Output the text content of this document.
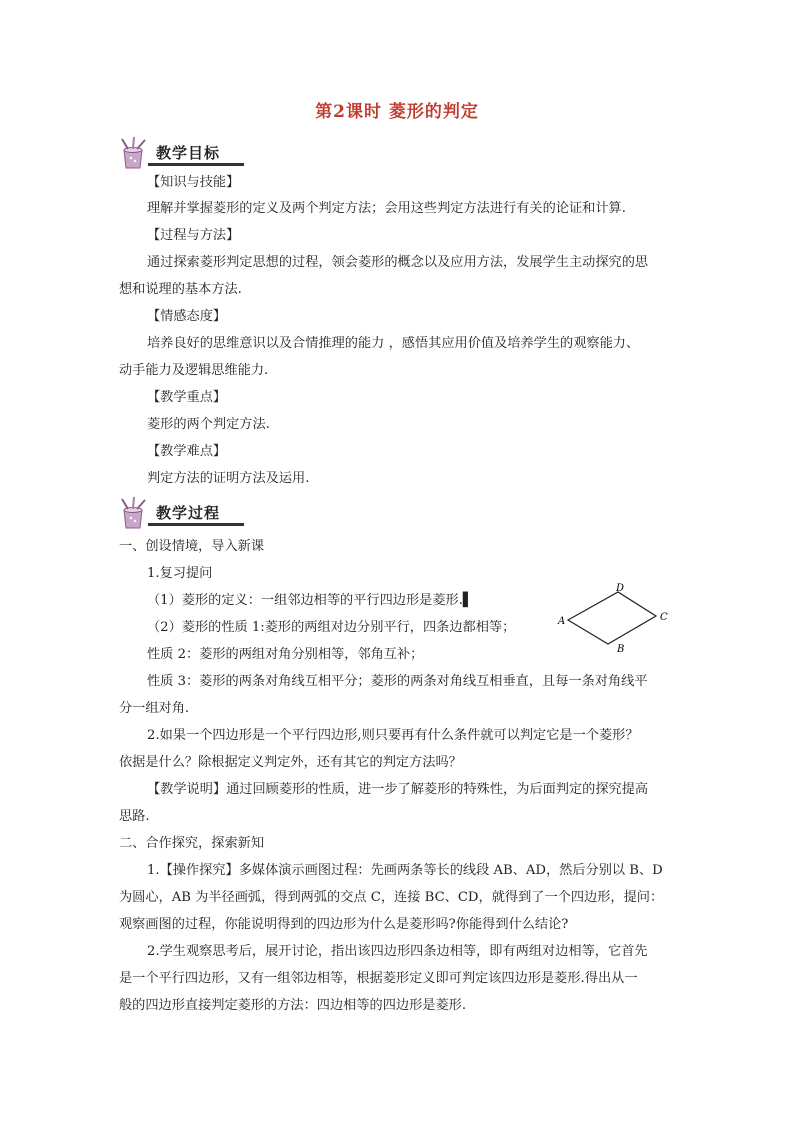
第2课时 菱形的判定
教学目标
【知识与技能】
理解并掌握菱形的定义及两个判定方法；会用这些判定方法进行有关的论证和计算.
【过程与方法】
通过探索菱形判定思想的过程，领会菱形的概念以及应用方法，发展学生主动探究的思
想和说理的基本方法.
【情感态度】
培养良好的思维意识以及合情推理的能力 ，感悟其应用价值及培养学生的观察能力、
动手能力及逻辑思维能力.
【教学重点】
菱形的两个判定方法.
【教学难点】
判定方法的证明方法及运用.
教学过程
一、创设情境，导入新课
1.复习提问
（1）菱形的定义：一组邻边相等的平行四边形是菱形.▌
（2）菱形的性质 1:菱形的两组对边分别平行，四条边都相等；
性质 2：菱形的两组对角分别相等，邻角互补；
性质 3：菱形的两条对角线互相平分；菱形的两条对角线互相垂直，且每一条对角线平
分一组对角.
2.如果一个四边形是一个平行四边形,则只要再有什么条件就可以判定它是一个菱形？
依据是什么？除根据定义判定外，还有其它的判定方法吗？
【教学说明】通过回顾菱形的性质，进一步了解菱形的特殊性，为后面判定的探究提高
思路.
二、合作探究，探索新知
1.【操作探究】多媒体演示画图过程：先画两条等长的线段 AB、AD，然后分别以 B、D
为圆心，AB 为半径画弧，得到两弧的交点 C，连接 BC、CD，就得到了一个四边形，提问：
观察画图的过程，你能说明得到的四边形为什么是菱形吗?你能得到什么结论?
2.学生观察思考后，展开讨论，指出该四边形四条边相等，即有两组对边相等，它首先
是一个平行四边形，又有一组邻边相等，根据菱形定义即可判定该四边形是菱形.得出从一
般的四边形直接判定菱形的方法：四边相等的四边形是菱形.
A
D
C
B
